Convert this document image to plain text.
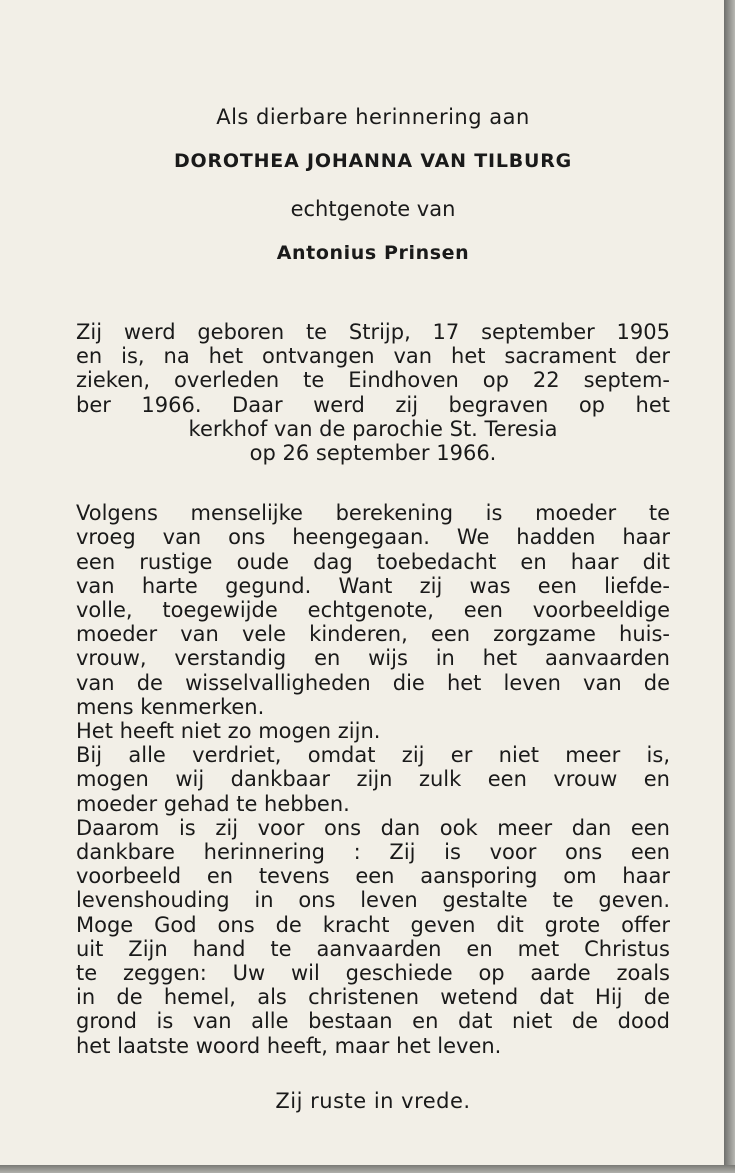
Als dierbare herinnering aan
DOROTHEA JOHANNA VAN TILBURG
echtgenote van
Antonius Prinsen
Zij werd geboren te Strijp, 17 september 1905
en is, na het ontvangen van het sacrament der
zieken, overleden te Eindhoven op 22 septem-
ber 1966. Daar werd zij begraven op het
kerkhof van de parochie St. Teresia
op 26 september 1966.
Volgens menselijke berekening is moeder te
vroeg van ons heengegaan. We hadden haar
een rustige oude dag toebedacht en haar dit
van harte gegund. Want zij was een liefde-
volle, toegewijde echtgenote, een voorbeeldige
moeder van vele kinderen, een zorgzame huis-
vrouw, verstandig en wijs in het aanvaarden
van de wisselvalligheden die het leven van de
mens kenmerken.
Het heeft niet zo mogen zijn.
Bij alle verdriet, omdat zij er niet meer is,
mogen wij dankbaar zijn zulk een vrouw en
moeder gehad te hebben.
Daarom is zij voor ons dan ook meer dan een
dankbare herinnering : Zij is voor ons een
voorbeeld en tevens een aansporing om haar
levenshouding in ons leven gestalte te geven.
Moge God ons de kracht geven dit grote offer
uit Zijn hand te aanvaarden en met Christus
te zeggen: Uw wil geschiede op aarde zoals
in de hemel, als christenen wetend dat Hij de
grond is van alle bestaan en dat niet de dood
het laatste woord heeft, maar het leven.
Zij ruste in vrede.
